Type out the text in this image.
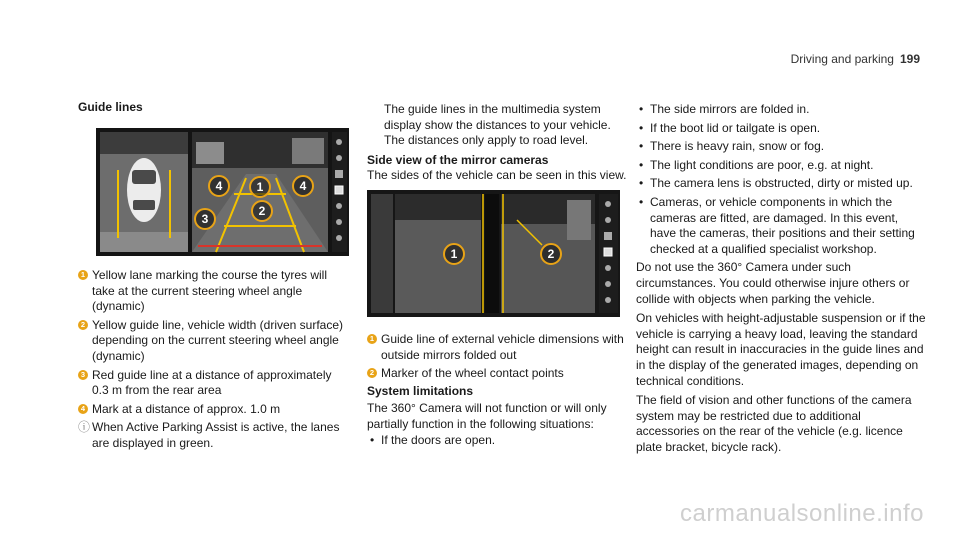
Driving and parking 199
Guide lines
4	1	4
3
2
1 Yellow lane marking the course the tyres will take at the current steering wheel angle (dynamic)
2 Yellow guide line, vehicle width (driven surface) depending on the current steering wheel angle (dynamic)
3 Red guide line at a distance of approximately 0.3 m from the rear area
4 Mark at a distance of approx. 1.0 m
ⓘ When Active Parking Assist is active, the lanes are displayed in green.
The guide lines in the multimedia system display show the distances to your vehicle. The distances only apply to road level.
Side view of the mirror cameras
The sides of the vehicle can be seen in this view.
1	2
1 Guide line of external vehicle dimensions with outside mirrors folded out
2 Marker of the wheel contact points
System limitations
The 360° Camera will not function or will only partially function in the following situations:
• If the doors are open.
• The side mirrors are folded in.
• If the boot lid or tailgate is open.
• There is heavy rain, snow or fog.
• The light conditions are poor, e.g. at night.
• The camera lens is obstructed, dirty or misted up.
• Cameras, or vehicle components in which the cameras are fitted, are damaged. In this event, have the cameras, their positions and their setting checked at a qualified specialist workshop.
Do not use the 360° Camera under such circumstances. You could otherwise injure others or collide with objects when parking the vehicle.
On vehicles with height-adjustable suspension or if the vehicle is carrying a heavy load, leaving the standard height can result in inaccuracies in the guide lines and in the display of the generated images, depending on technical conditions.
The field of vision and other functions of the camera system may be restricted due to additional accessories on the rear of the vehicle (e.g. licence plate bracket, bicycle rack).
carmanualsonline.info
